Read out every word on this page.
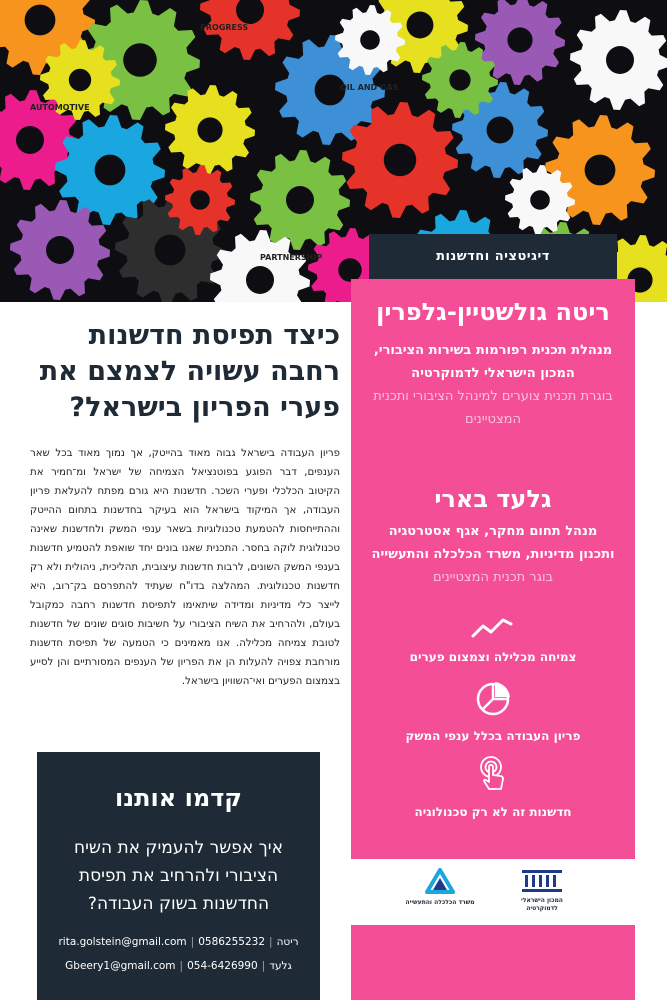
PROGRESS
OIL AND GAS
AUTOMOTIVE
PARTNERSHIP	דיגיטציה וחדשנות
ריטה גולשטיין-גלפרין
מנהלת תכנית רפורמות בשירות הציבורי, המכון הישראלי לדמוקרטיה
בוגרת תכנית צוערים למינהל הציבורי ותכנית המצטיינים
גלעד בארי
מנהל תחום מחקר, אגף אסטרטגיה ותכנון מדיניות, משרד הכלכלה והתעשייה
בוגר תכנית המצטיינים
צמיחה מכלילה וצמצום פערים
פריון העבודה בכלל ענפי המשק
חדשנות זה לא רק טכנולוגיה
המכון הישראלי לדמוקרטיה
משרד הכלכלה והתעשייה
כיצד תפיסת חדשנות רחבה עשויה לצמצם את פערי הפריון בישראל?

פריון העבודה בישראל גבוה מאוד בהייטק, אך נמוך מאוד בכל שאר הענפים, דבר הפוגע בפוטנציאל הצמיחה של ישראל ומ־חמיר את הקיטוב הכלכלי ופערי השכר. חדשנות היא גורם מפתח להעלאת פריון העבודה, אך המיקוד בישראל הוא בעיקר בחדשנות בתחום ההייטק וההתייחסות להטמעת טכנולוגיות בשאר ענפי המשק ולחדשנות שאינה טכנולוגית לוקה בחסר. התכנית שאנו בונים יחד שואפת להטמיע חדשנות בענפי המשק השונים, לרבות חדשנות עיצובית, תהליכית, ניהולית ולא רק חדשנות טכנולוגית. המהלצה בדו"ח שעתיד להתפרסם בק־רוב, היא לייצר כלי מדיניות ומדידה שיתאימו לתפיסת חדשנות רחבה כמקובל בעולם, ולהרחיב את השיח הציבורי על חשיבות סוגים שונים של חדשנות לטובת צמיחה מכלילה. אנו מאמינים כי הטמעה של תפיסת חדשנות מורחבת צפויה להעלות הן את הפריון של הענפים המסורתיים והן לסייע בצמצום הפערים ואי־השוויון בישראל.

קדמו אותנו
איך אפשר להעמיק את השיח הציבורי ולהרחיב את תפיסת החדשנות בשוק העבודה?
ריטה|0586255232|rita.golstein@gmail.com
גלעד|054-6426990|Gbeery1@gmail.com
